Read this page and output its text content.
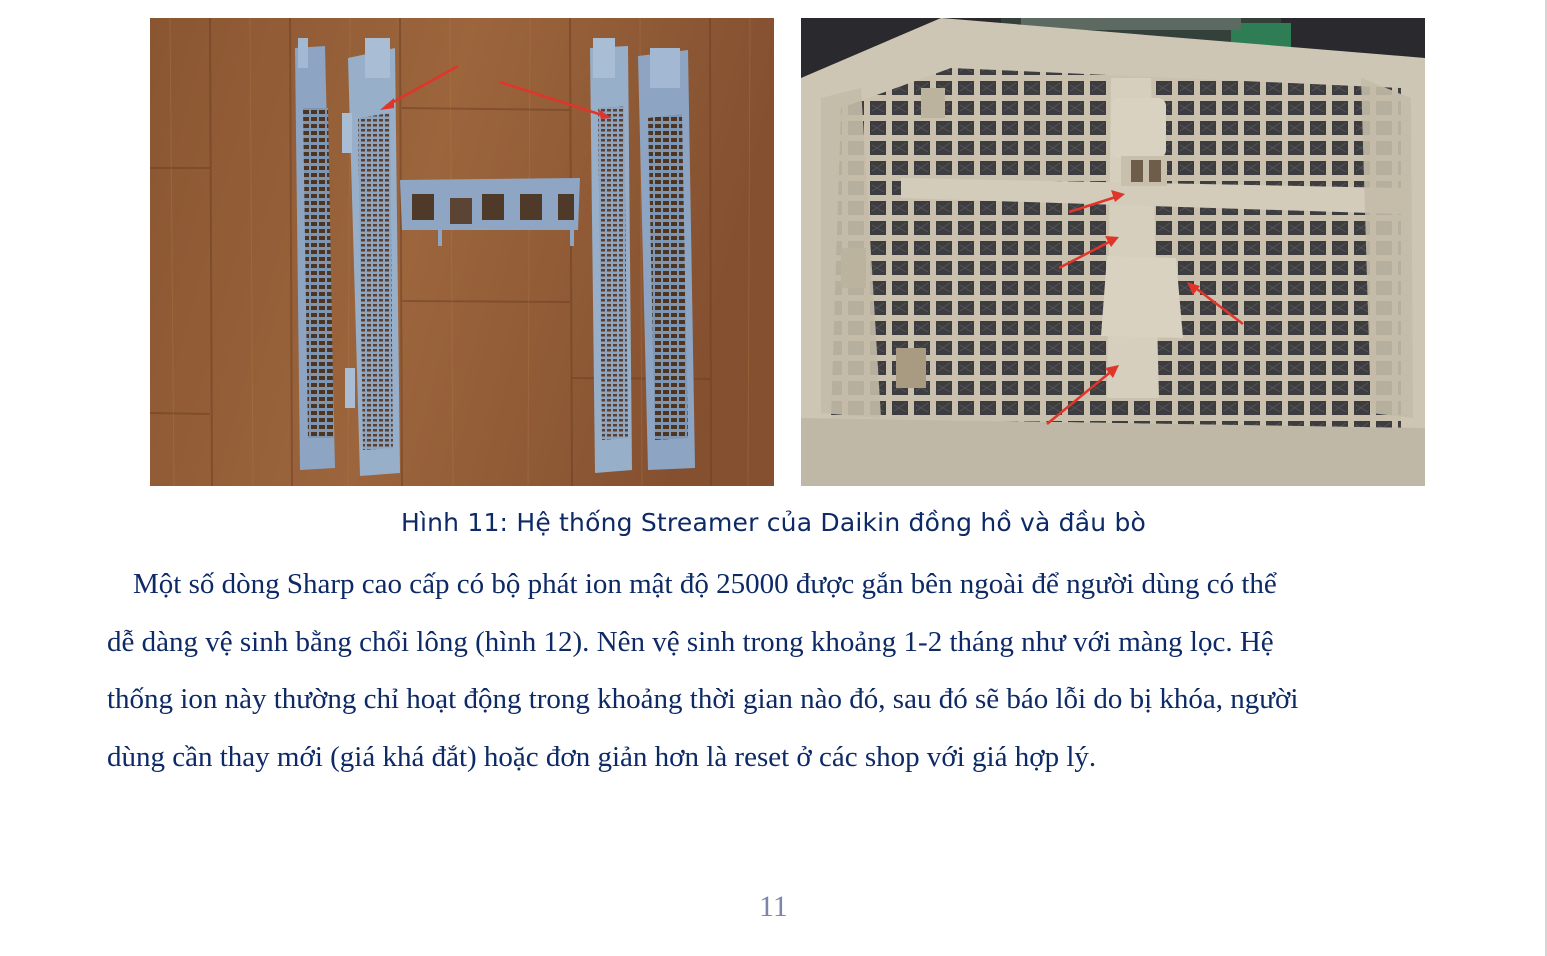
Hình 11: Hệ thống Streamer của Daikin đồng hồ và đầu bò
Một số dòng Sharp cao cấp có bộ phát ion mật độ 25000 được gắn bên ngoài để người dùng có thể
dễ dàng vệ sinh bằng chổi lông (hình 12). Nên vệ sinh trong khoảng 1-2 tháng như với màng lọc. Hệ
thống ion này thường chỉ hoạt động trong khoảng thời gian nào đó, sau đó sẽ báo lỗi do bị khóa, người
dùng cần thay mới (giá khá đắt) hoặc đơn giản hơn là reset ở các shop với giá hợp lý.
11
